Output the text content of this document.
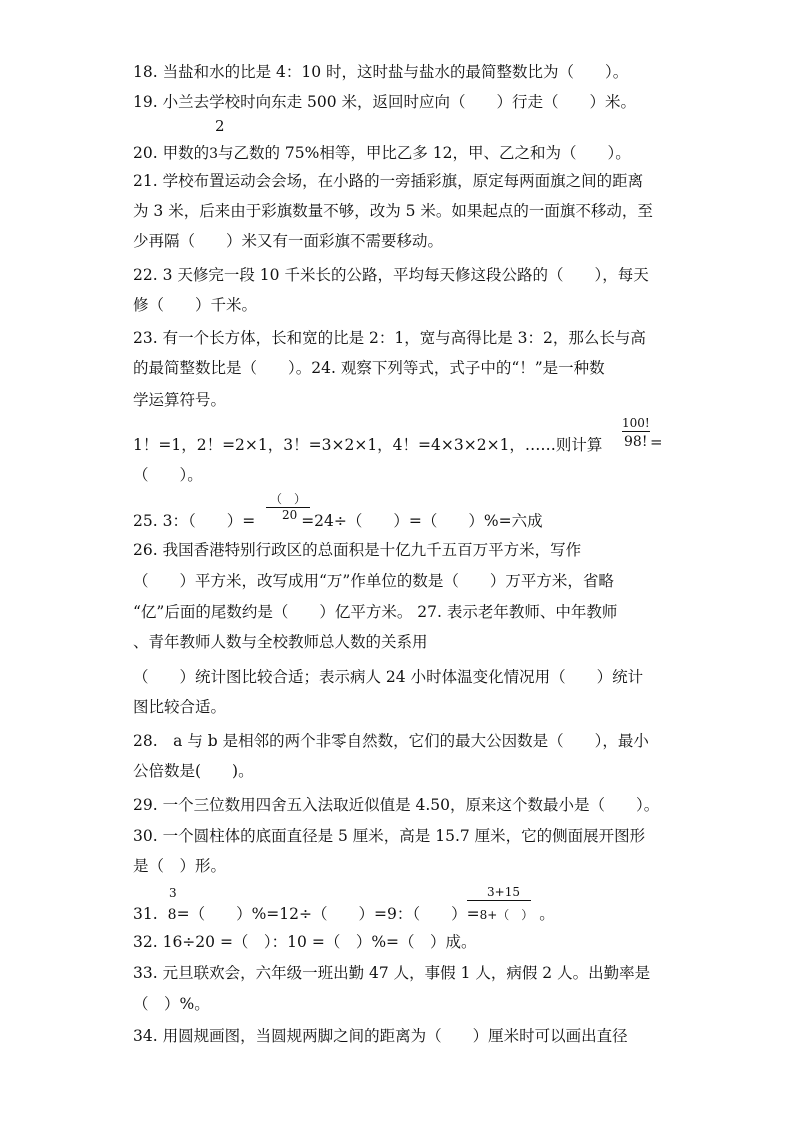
18. 当盐和水的比是 4：10 时，这时盐与盐水的最简整数比为（　　）。
19. 小兰去学校时向东走 500 米，返回时应向（　　）行走（　　）米。
2
20. 甲数的3与乙数的 75%相等，甲比乙多 12，甲、乙之和为（　　）。
21. 学校布置运动会会场，在小路的一旁插彩旗，原定每两面旗之间的距离
为 3 米，后来由于彩旗数量不够，改为 5 米。如果起点的一面旗不移动，至
少再隔（　　）米又有一面彩旗不需要移动。
22. 3 天修完一段 10 千米长的公路，平均每天修这段公路的（　　），每天
修（　　）千米。
23. 有一个长方体，长和宽的比是 2：1，宽与高得比是 3：2，那么长与高
的最简整数比是（　　）。24. 观察下列等式，式子中的“！”是一种数
学运算符号。
1！=1，2！=2×1，3！=3×2×1，4！=4×3×2×1，……则计算
100!
98! =
（　　）。
（　）
20
25. 3：（　　）=	=24÷（　　）=（　　）%=六成
26. 我国香港特别行政区的总面积是十亿九千五百万平方米，写作
（　　）平方米，改写成用“万”作单位的数是（　　）万平方米，省略
“亿”后面的尾数约是（　　）亿平方米。 27. 表示老年教师、中年教师
、青年教师人数与全校教师总人数的关系用
（　　）统计图比较合适；表示病人 24 小时体温变化情况用（　　）统计
图比较合适。
28.　a 与 b 是相邻的两个非零自然数，它们的最大公因数是（　　），最小
公倍数是(　　)。
29. 一个三位数用四舍五入法取近似值是 4.50，原来这个数最小是（　　）。
30. 一个圆柱体的底面直径是 5 厘米，高是 15.7 厘米，它的侧面展开图形
是（　）形。
3	3+15
31. 8=（　　）%=12÷（　　）=9：（　　）=8+（　） 。
32. 16÷20 =（　）：10 =（　）%=（　）成。
33. 元旦联欢会，六年级一班出勤 47 人，事假 1 人，病假 2 人。出勤率是
（　）%。
34. 用圆规画图，当圆规两脚之间的距离为（　　）厘米时可以画出直径
